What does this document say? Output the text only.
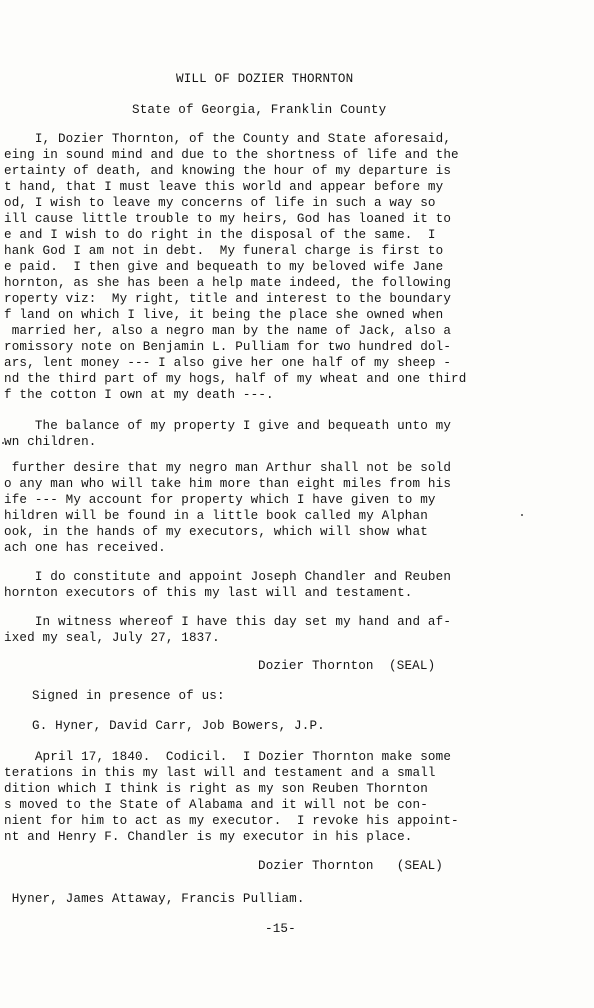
WILL OF DOZIER THORNTON
State of Georgia, Franklin County
I, Dozier Thornton, of the County and State aforesaid,
eing in sound mind and due to the shortness of life and the
ertainty of death, and knowing the hour of my departure is
t hand, that I must leave this world and appear before my
od, I wish to leave my concerns of life in such a way so
ill cause little trouble to my heirs, God has loaned it to
e and I wish to do right in the disposal of the same.  I
hank God I am not in debt.  My funeral charge is first to
e paid.  I then give and bequeath to my beloved wife Jane
hornton, as she has been a help mate indeed, the following
roperty viz:  My right, title and interest to the boundary
f land on which I live, it being the place she owned when
married her, also a negro man by the name of Jack, also a
romissory note on Benjamin L. Pulliam for two hundred dol-
ars, lent money --- I also give her one half of my sheep -
nd the third part of my hogs, half of my wheat and one third
f the cotton I own at my death ---.
The balance of my property I give and bequeath unto my
wn children.
further desire that my negro man Arthur shall not be sold
o any man who will take him more than eight miles from his
ife --- My account for property which I have given to my
hildren will be found in a little book called my Alphan
ook, in the hands of my executors, which will show what
ach one has received.
I do constitute and appoint Joseph Chandler and Reuben
hornton executors of this my last will and testament.
In witness whereof I have this day set my hand and af-
ixed my seal, July 27, 1837.
Dozier Thornton  (SEAL)
Signed in presence of us:
G. Hyner, David Carr, Job Bowers, J.P.
April 17, 1840.  Codicil.  I Dozier Thornton make some
terations in this my last will and testament and a small
dition which I think is right as my son Reuben Thornton
s moved to the State of Alabama and it will not be con-
nient for him to act as my executor.  I revoke his appoint-
nt and Henry F. Chandler is my executor in his place.
Dozier Thornton   (SEAL)
Hyner, James Attaway, Francis Pulliam.
-15-
